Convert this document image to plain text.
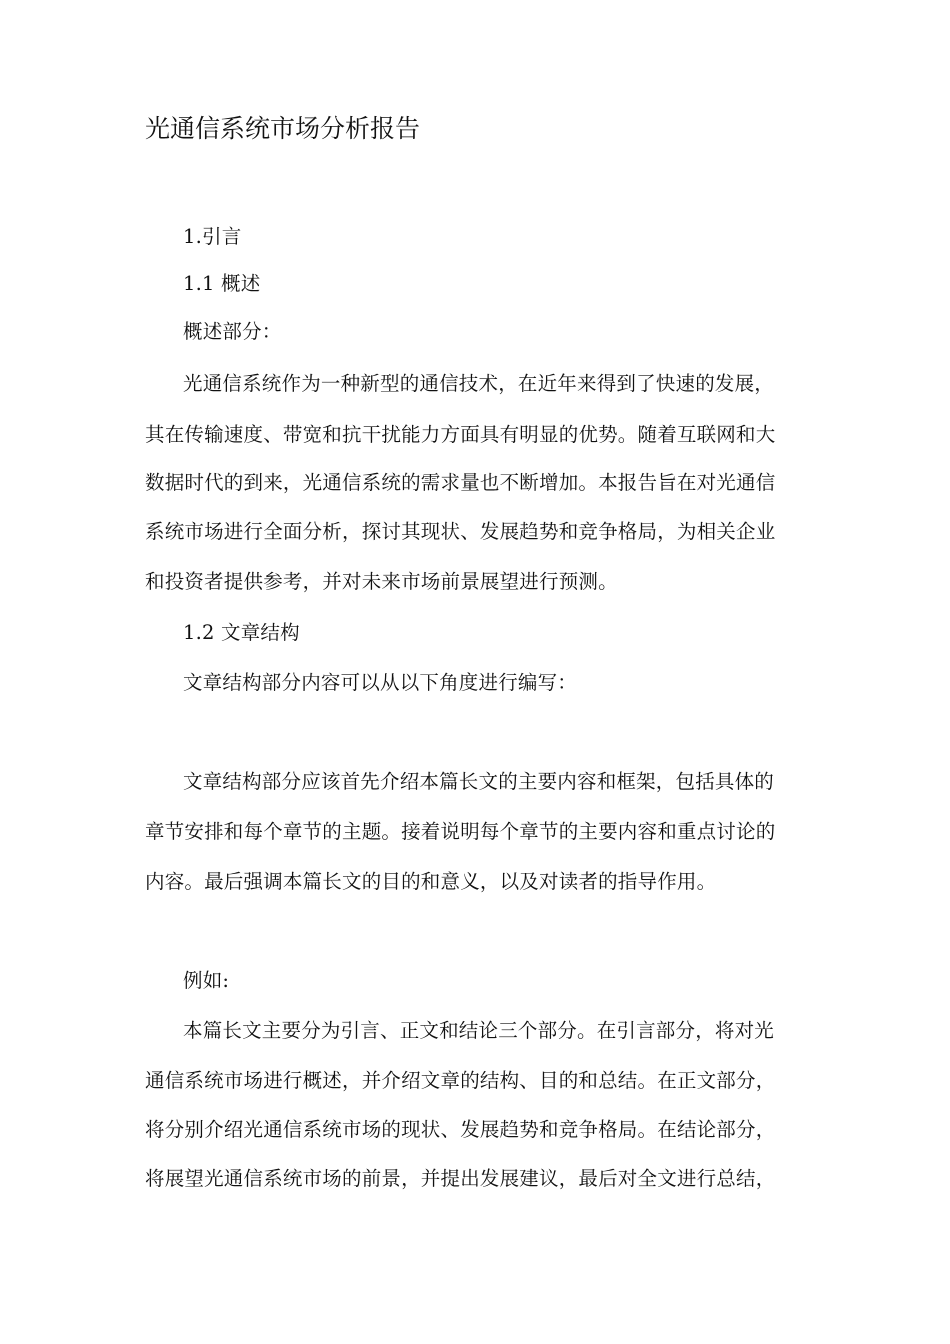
光通信系统市场分析报告
1.引言
1.1 概述
概述部分：
光通信系统作为一种新型的通信技术，在近年来得到了快速的发展，
其在传输速度、带宽和抗干扰能力方面具有明显的优势。随着互联网和大
数据时代的到来，光通信系统的需求量也不断增加。本报告旨在对光通信
系统市场进行全面分析，探讨其现状、发展趋势和竞争格局，为相关企业
和投资者提供参考，并对未来市场前景展望进行预测。
1.2 文章结构
文章结构部分内容可以从以下角度进行编写：
文章结构部分应该首先介绍本篇长文的主要内容和框架，包括具体的
章节安排和每个章节的主题。接着说明每个章节的主要内容和重点讨论的
内容。最后强调本篇长文的目的和意义，以及对读者的指导作用。
例如:
本篇长文主要分为引言、正文和结论三个部分。在引言部分，将对光
通信系统市场进行概述，并介绍文章的结构、目的和总结。在正文部分，
将分别介绍光通信系统市场的现状、发展趋势和竞争格局。在结论部分，
将展望光通信系统市场的前景，并提出发展建议，最后对全文进行总结，
